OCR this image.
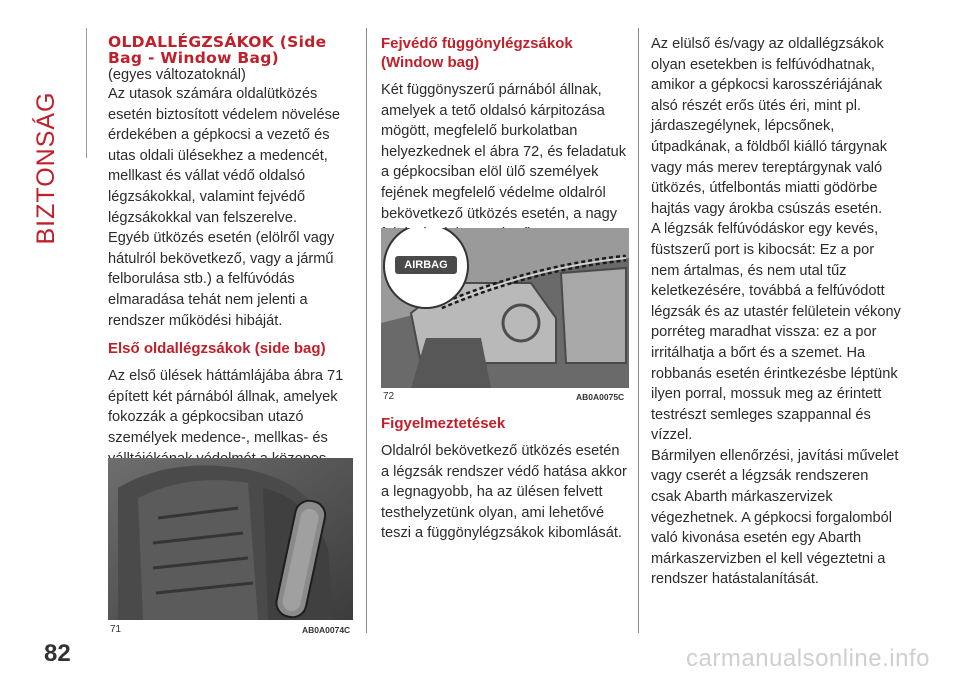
BIZTONSÁG
82

OLDALLÉGZSÁKOK (Side Bag - Window Bag)

(egyes változatoknál)

Az utasok számára oldalütközés esetén biztosított védelem növelése érdekében a gépkocsi a vezető és utas oldali ülésekhez a medencét, mellkast és vállat védő oldalsó légzsákokkal, valamint fejvédő légzsákokkal van felszerelve.

Egyéb ütközés esetén (elölről vagy hátulról bekövetkező, vagy a jármű felborulása stb.) a felfúvódás elmaradása tehát nem jelenti a rendszer működési hibáját.

Első oldallégzsákok (side bag)

Az első ülések háttámlájába ábra 71 épített két párnából állnak, amelyek fokozzák a gépkocsiban utazó személyek medence-, mellkas- és

71	AB0A0074C

Fejvédő függönylégzsákok (Window bag)

Két függönyszerű párnából állnak, amelyek a tető oldalsó kárpitozása mögött, megfelelő burkolatban helyezkednek el ábra 72, és feladatuk a gépkocsiban elöl ülő személyek fejének megfelelő védelme oldalról bekövetkező ütközés esetén, a nagy

AIRBAG
72	AB0A0075C

Figyelmeztetések

Oldalról bekövetkező ütközés esetén a légzsák rendszer védő hatása akkor a legnagyobb, ha az ülésen felvett testhelyzetünk olyan, ami lehetővé teszi a függönylégzsákok kibomlását.

Az elülső és/vagy az oldallégzsákok olyan esetekben is felfúvódhatnak, amikor a gépkocsi karosszériájának alsó részét erős ütés éri, mint pl. járdaszegélynek, lépcsőnek, útpadkának, a földből kiálló tárgynak vagy más merev tereptárgynak való ütközés, útfelbontás miatti gödörbe hajtás vagy árokba csúszás esetén.

A légzsák felfúvódáskor egy kevés, füstszerű port is kibocsát: Ez a por nem ártalmas, és nem utal tűz keletkezésére, továbbá a felfúvódott légzsák és az utastér felületein vékony porréteg maradhat vissza: ez a por irritálhatja a bőrt és a szemet. Ha robbanás esetén érintkezésbe léptünk ilyen porral, mossuk meg az érintett testrészt semleges szappannal és vízzel.

Bármilyen ellenőrzési, javítási művelet vagy cserét a légzsák rendszeren csak Abarth márkaszervizek végezhetnek. A gépkocsi forgalomból való kivonása esetén egy Abarth márkaszervizben el kell végeztetni a rendszer hatástalanítását.

carmanualsonline.info
